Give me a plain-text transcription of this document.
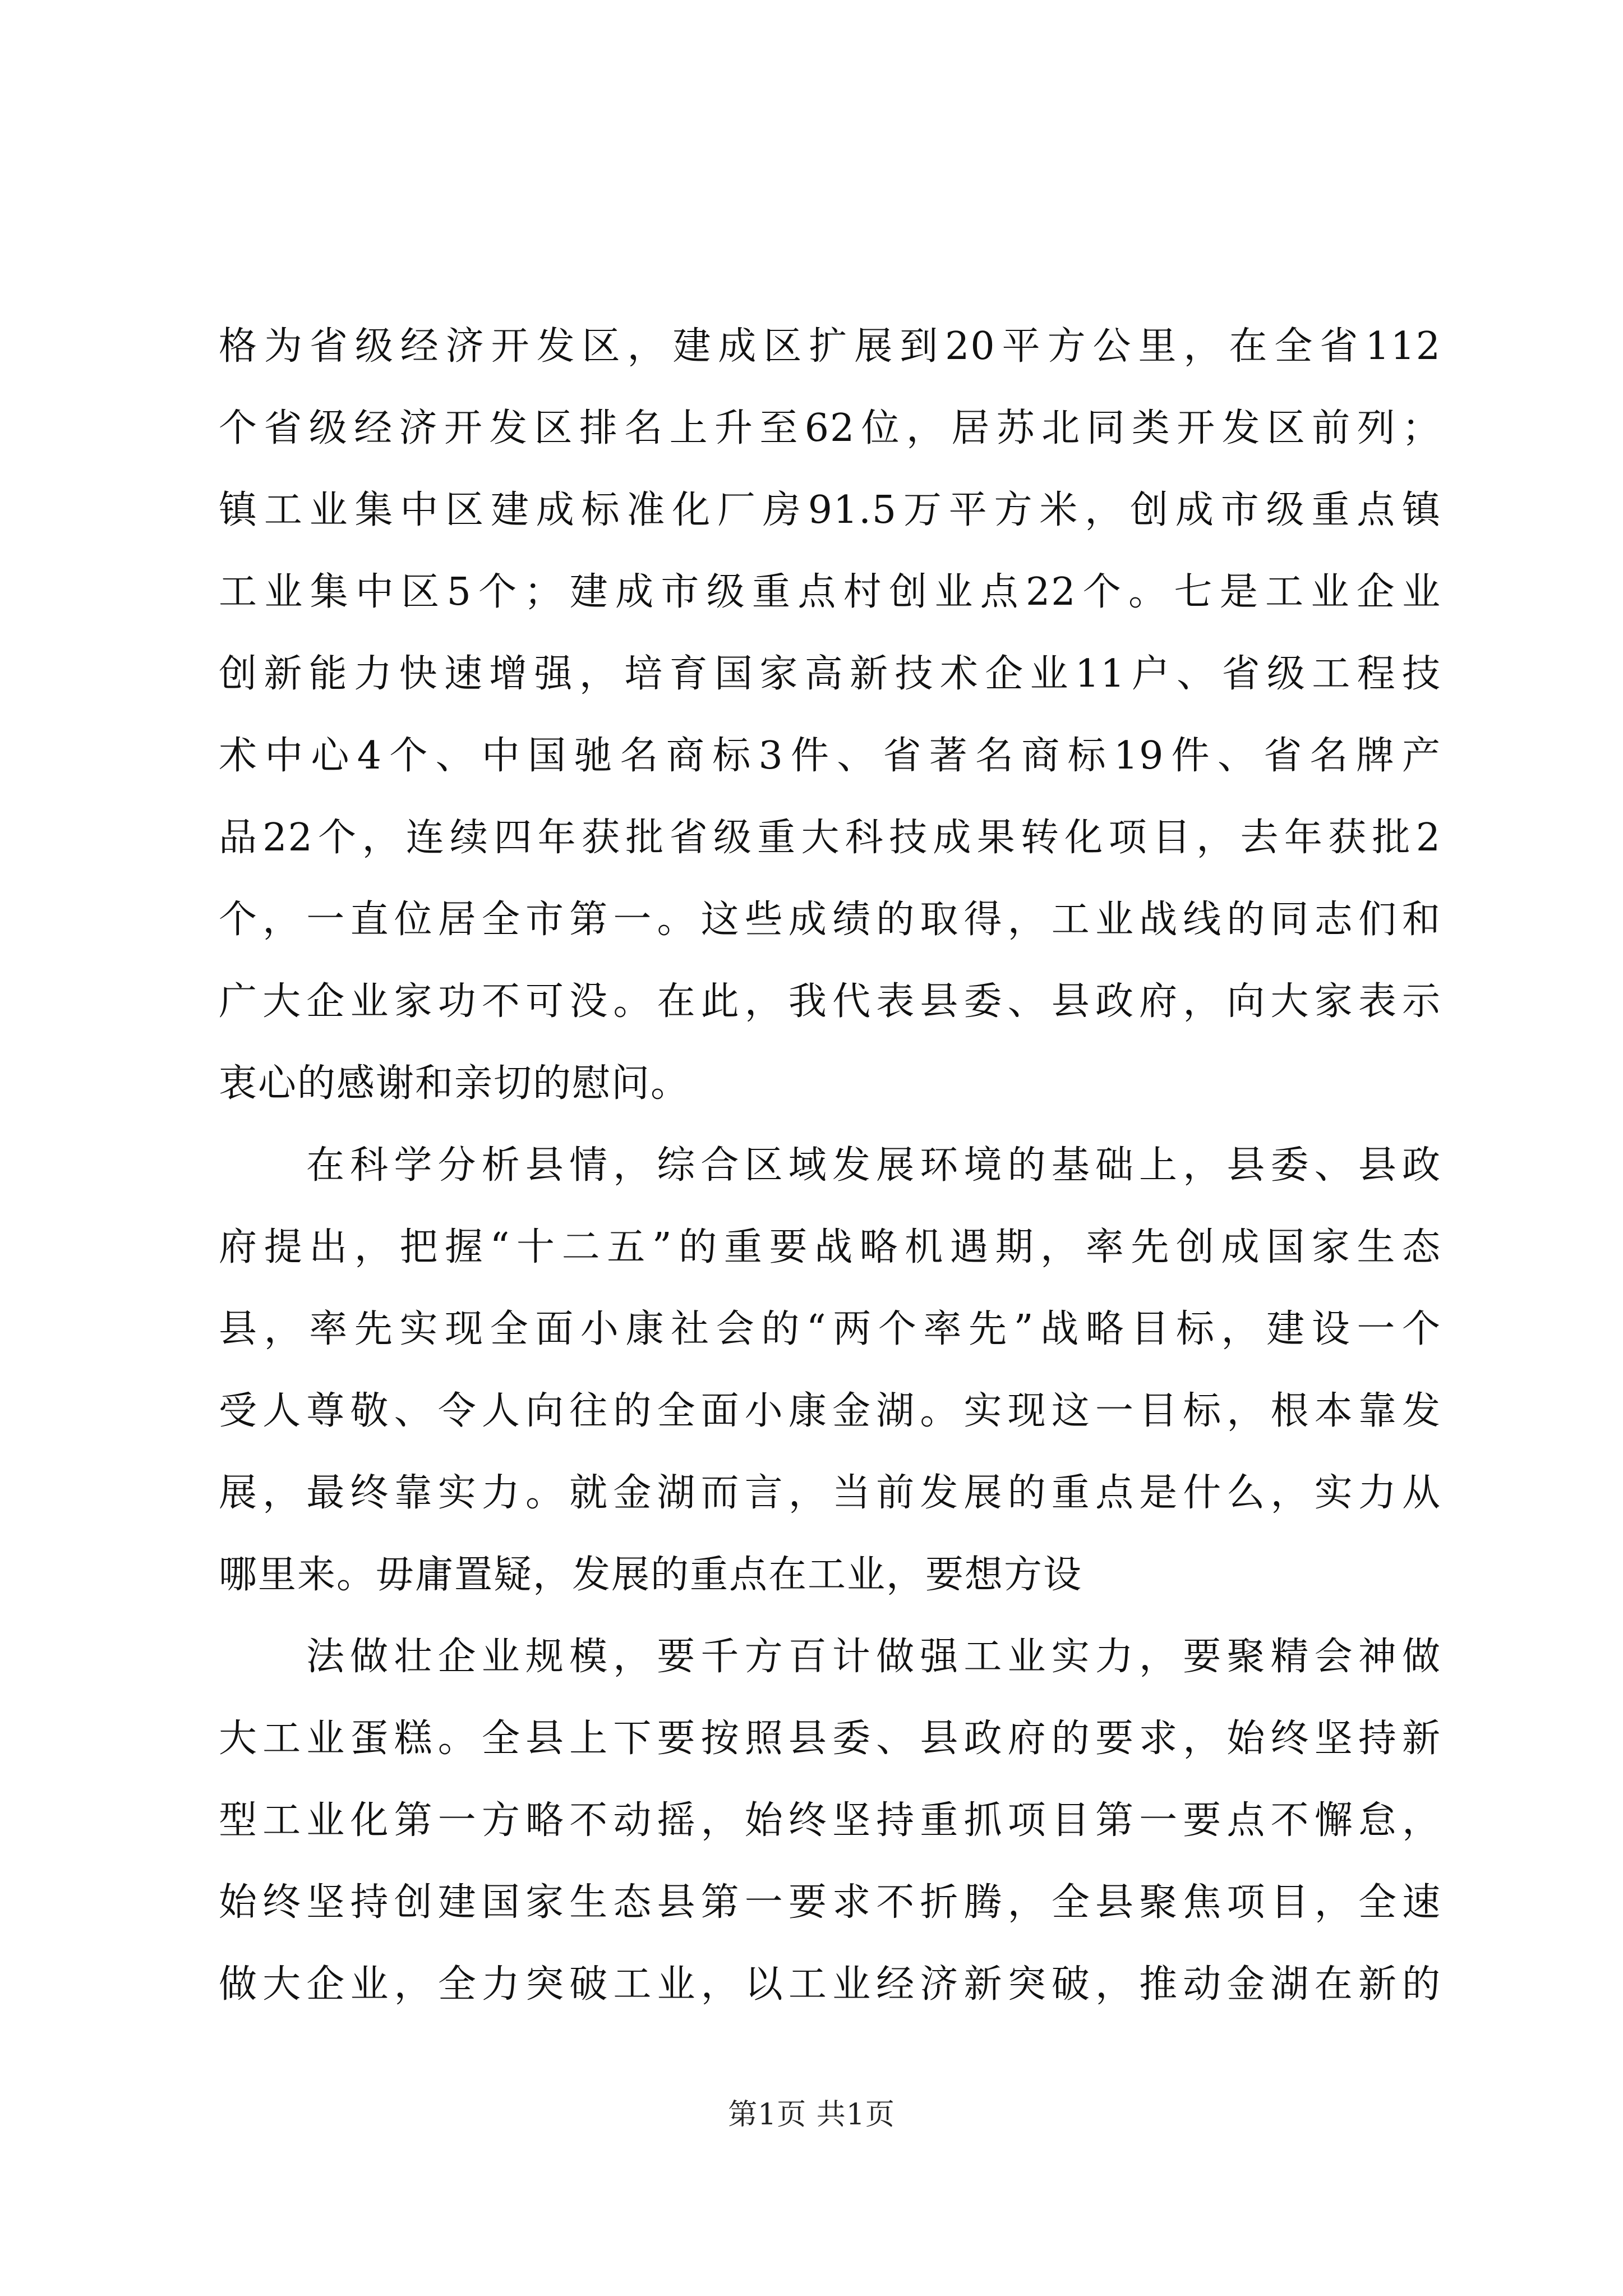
格为省级经济开发区，建成区扩展到20平方公里，在全省112
个省级经济开发区排名上升至62位，居苏北同类开发区前列；
镇工业集中区建成标准化厂房91.5万平方米，创成市级重点镇
工业集中区5个；建成市级重点村创业点22个。七是工业企业
创新能力快速增强，培育国家高新技术企业11户、省级工程技
术中心4个、中国驰名商标3件、省著名商标19件、省名牌产
品22个，连续四年获批省级重大科技成果转化项目，去年获批2
个，一直位居全市第一。这些成绩的取得，工业战线的同志们和
广大企业家功不可没。在此，我代表县委、县政府，向大家表示
衷心的感谢和亲切的慰问。

在科学分析县情，综合区域发展环境的基础上，县委、县政
府提出，把握“十二五”的重要战略机遇期，率先创成国家生态
县，率先实现全面小康社会的“两个率先”战略目标，建设一个
受人尊敬、令人向往的全面小康金湖。实现这一目标，根本靠发
展，最终靠实力。就金湖而言，当前发展的重点是什么，实力从
哪里来。毋庸置疑，发展的重点在工业，要想方设

法做壮企业规模，要千方百计做强工业实力，要聚精会神做
大工业蛋糕。全县上下要按照县委、县政府的要求，始终坚持新
型工业化第一方略不动摇，始终坚持重抓项目第一要点不懈怠，
始终坚持创建国家生态县第一要求不折腾，全县聚焦项目，全速
做大企业，全力突破工业，以工业经济新突破，推动金湖在新的

第1页 共1页
